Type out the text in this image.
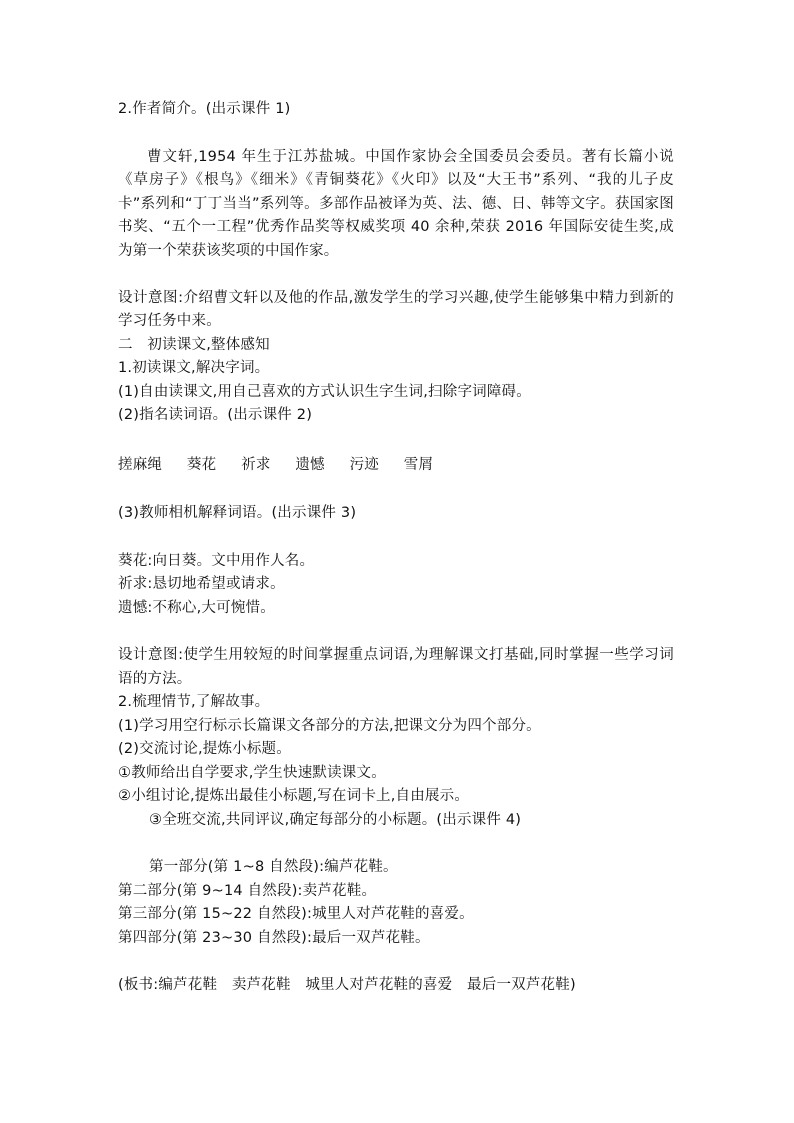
2.作者简介。(出示课件 1)
曹文轩,1954 年生于江苏盐城。中国作家协会全国委员会委员。著有长篇小说《草房子》《根鸟》《细米》《青铜葵花》《火印》以及“大王书”系列、“我的儿子皮卡”系列和“丁丁当当”系列等。多部作品被译为英、法、德、日、韩等文字。获国家图书奖、“五个一工程”优秀作品奖等权威奖项 40 余种,荣获 2016 年国际安徒生奖,成为第一个荣获该奖项的中国作家。
设计意图:介绍曹文轩以及他的作品,激发学生的学习兴趣,使学生能够集中精力到新的学习任务中来。
二　初读课文,整体感知
1.初读课文,解决字词。
(1)自由读课文,用自己喜欢的方式认识生字生词,扫除字词障碍。
(2)指名读词语。(出示课件 2)
搓麻绳 葵花 祈求 遗憾 污迹 雪屑
(3)教师相机解释词语。(出示课件 3)
葵花:向日葵。文中用作人名。
祈求:恳切地希望或请求。
遗憾:不称心,大可惋惜。
设计意图:使学生用较短的时间掌握重点词语,为理解课文打基础,同时掌握一些学习词语的方法。
2.梳理情节,了解故事。
(1)学习用空行标示长篇课文各部分的方法,把课文分为四个部分。
(2)交流讨论,提炼小标题。
①教师给出自学要求,学生快速默读课文。
②小组讨论,提炼出最佳小标题,写在词卡上,自由展示。
③全班交流,共同评议,确定每部分的小标题。(出示课件 4)
第一部分(第 1~8 自然段):编芦花鞋。
第二部分(第 9~14 自然段):卖芦花鞋。
第三部分(第 15~22 自然段):城里人对芦花鞋的喜爱。
第四部分(第 23~30 自然段):最后一双芦花鞋。
(板书:编芦花鞋　卖芦花鞋　城里人对芦花鞋的喜爱　最后一双芦花鞋)
